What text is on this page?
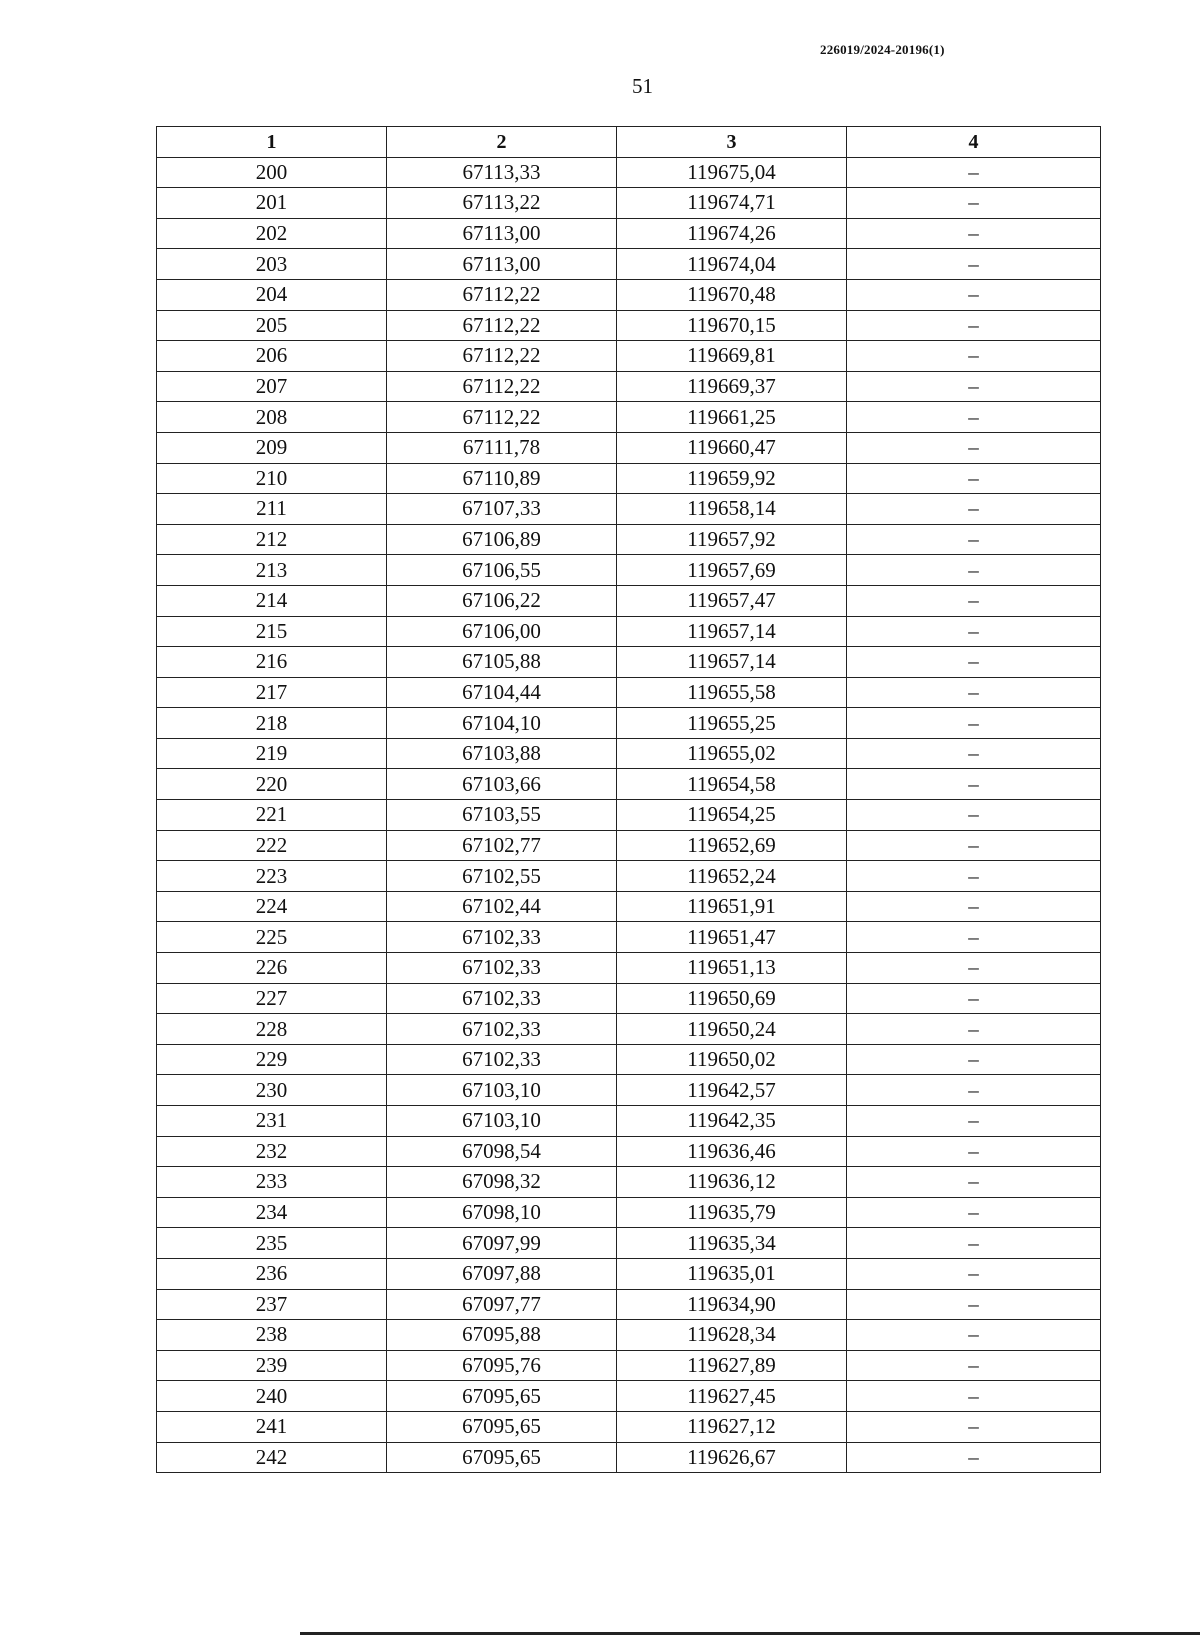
226019/2024-20196(1)
51
1	2	3	4
200	67113,33	119675,04	–
201	67113,22	119674,71	–
202	67113,00	119674,26	–
203	67113,00	119674,04	–
204	67112,22	119670,48	–
205	67112,22	119670,15	–
206	67112,22	119669,81	–
207	67112,22	119669,37	–
208	67112,22	119661,25	–
209	67111,78	119660,47	–
210	67110,89	119659,92	–
211	67107,33	119658,14	–
212	67106,89	119657,92	–
213	67106,55	119657,69	–
214	67106,22	119657,47	–
215	67106,00	119657,14	–
216	67105,88	119657,14	–
217	67104,44	119655,58	–
218	67104,10	119655,25	–
219	67103,88	119655,02	–
220	67103,66	119654,58	–
221	67103,55	119654,25	–
222	67102,77	119652,69	–
223	67102,55	119652,24	–
224	67102,44	119651,91	–
225	67102,33	119651,47	–
226	67102,33	119651,13	–
227	67102,33	119650,69	–
228	67102,33	119650,24	–
229	67102,33	119650,02	–
230	67103,10	119642,57	–
231	67103,10	119642,35	–
232	67098,54	119636,46	–
233	67098,32	119636,12	–
234	67098,10	119635,79	–
235	67097,99	119635,34	–
236	67097,88	119635,01	–
237	67097,77	119634,90	–
238	67095,88	119628,34	–
239	67095,76	119627,89	–
240	67095,65	119627,45	–
241	67095,65	119627,12	–
242	67095,65	119626,67	–
